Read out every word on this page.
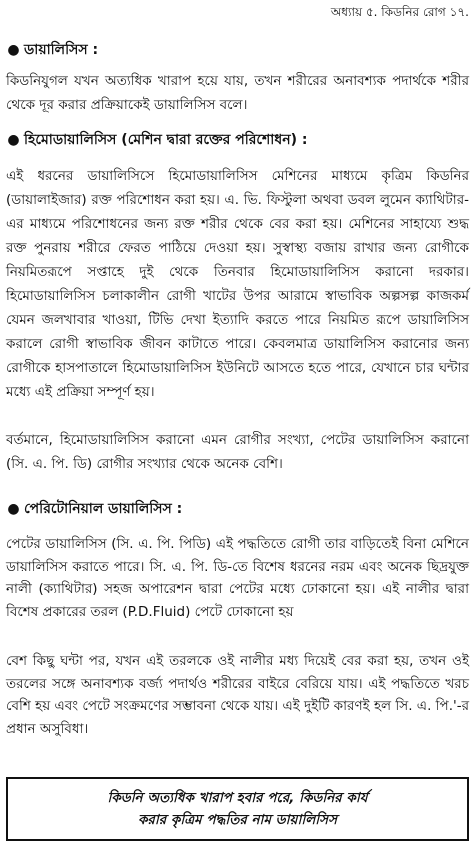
অধ্যায় ৫. কিডনির রোগ ১৭.
● ডায়ালিসিস :

কিডনিযুগল যখন অত্যধিক খারাপ হয়ে যায়, তখন শরীরের অনাবশ্যক পদার্থকে শরীর থেকে দূর করার প্রক্রিয়াকেই ডায়ালিসিস বলে।

● হিমোডায়ালিসিস (মেশিন দ্বারা রক্তের পরিশোধন) :

এই ধরনের ডায়ালিসিসে হিমোডায়ালিসিস মেশিনের মাধ্যমে কৃত্রিম কিডনির (ডায়ালাইজার) রক্ত পরিশোধন করা হয়। এ. ভি. ফিস্টুলা অথবা ডবল লুমেন ক্যাথিটার-এর মাধ্যমে পরিশোধনের জন্য রক্ত শরীর থেকে বের করা হয়। মেশিনের সাহায্যে শুদ্ধ রক্ত পুনরায় শরীরে ফেরত পাঠিয়ে দেওয়া হয়। সুস্বাস্থ্য বজায় রাখার জন্য রোগীকে নিয়মিতরূপে সপ্তাহে দুই থেকে তিনবার হিমোডায়ালিসিস করানো দরকার। হিমোডায়ালিসিস চলাকালীন রোগী খাটের উপর আরামে স্বাভাবিক অল্পসল্প কাজকর্ম যেমন জলখাবার খাওয়া, টিভি দেখা ইত্যাদি করতে পারে নিয়মিত রূপে ডায়ালিসিস করালে রোগী স্বাভাবিক জীবন কাটাতে পারে। কেবলমাত্র ডায়ালিসিস করানোর জন্য রোগীকে হাসপাতালে হিমোডায়ালিসিস ইউনিটে আসতে হতে পারে, যেখানে চার ঘন্টার মধ্যে এই প্রক্রিয়া সম্পূর্ণ হয়।

বর্তমানে, হিমোডায়ালিসিস করানো এমন রোগীর সংখ্যা, পেটের ডায়ালিসিস করানো (সি. এ. পি. ডি) রোগীর সংখ্যার থেকে অনেক বেশি।

● পেরিটোনিয়াল ডায়ালিসিস :

পেটের ডায়ালিসিস (সি. এ. পি. পিডি) এই পদ্ধতিতে রোগী তার বাড়িতেই বিনা মেশিনে ডায়ালিসিস করাতে পারে। সি. এ. পি. ডি-তে বিশেষ ধরনের নরম এবং অনেক ছিদ্রযুক্ত নালী (ক্যাথিটার) সহজ অপারেশন দ্বারা পেটের মধ্যে ঢোকানো হয়। এই নালীর দ্বারা বিশেষ প্রকারের তরল (P.D.Fluid) পেটে ঢোকানো হয়

বেশ কিছু ঘন্টা পর, যখন এই তরলকে ওই নালীর মধ্য দিয়েই বের করা হয়, তখন ওই তরলের সঙ্গে অনাবশ্যক বর্জ্য পদার্থও শরীরের বাইরে বেরিয়ে যায়। এই পদ্ধতিতে খরচ বেশি হয় এবং পেটে সংক্রমণের সম্ভাবনা থেকে যায়। এই দুইটি কারণই হল সি. এ. পি.'-র প্রধান অসুবিধা।

কিডনি অত্যধিক খারাপ হবার পরে, কিডনির কার্য
করার কৃত্রিম পদ্ধতির নাম ডায়ালিসিস
